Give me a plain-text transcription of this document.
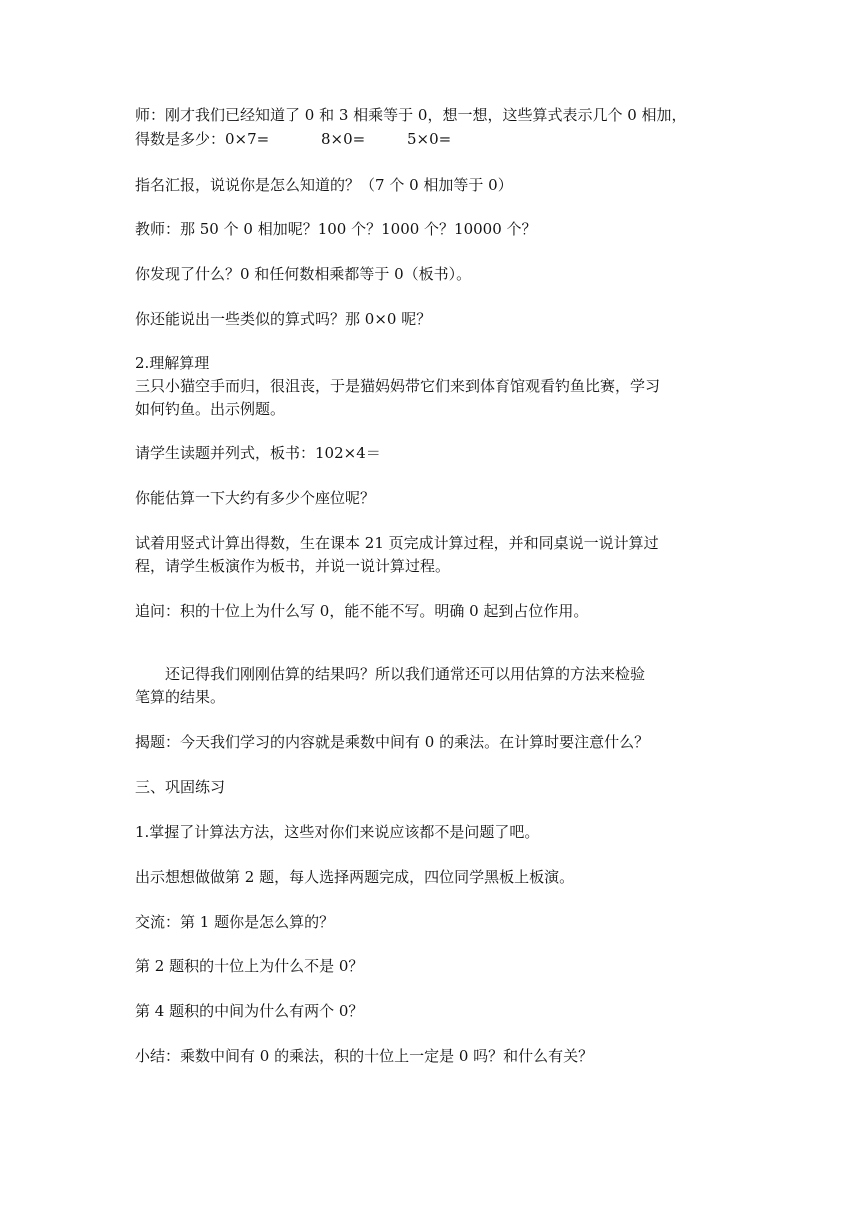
师：刚才我们已经知道了 0 和 3 相乘等于 0，想一想，这些算式表示几个 0 相加，

得数是多少：0×7=	8×0=	5×0=

指名汇报，说说你是怎么知道的？（7 个 0 相加等于 0）

教师：那 50 个 0 相加呢？100 个？1000 个？10000 个？

你发现了什么？0 和任何数相乘都等于 0（板书）。

你还能说出一些类似的算式吗？那 0×0 呢？

2.理解算理

三只小猫空手而归，很沮丧，于是猫妈妈带它们来到体育馆观看钓鱼比赛，学习

如何钓鱼。出示例题。

请学生读题并列式，板书：102×4＝

你能估算一下大约有多少个座位呢？

试着用竖式计算出得数，生在课本 21 页完成计算过程，并和同桌说一说计算过

程，请学生板演作为板书，并说一说计算过程。

追问：积的十位上为什么写 0，能不能不写。明确 0 起到占位作用。

还记得我们刚刚估算的结果吗？所以我们通常还可以用估算的方法来检验

笔算的结果。

揭题：今天我们学习的内容就是乘数中间有 0 的乘法。在计算时要注意什么？

三、巩固练习

1.掌握了计算法方法，这些对你们来说应该都不是问题了吧。

出示想想做做第 2 题，每人选择两题完成，四位同学黑板上板演。

交流：第 1 题你是怎么算的？

第 2 题积的十位上为什么不是 0？

第 4 题积的中间为什么有两个 0？

小结：乘数中间有 0 的乘法，积的十位上一定是 0 吗？和什么有关？
